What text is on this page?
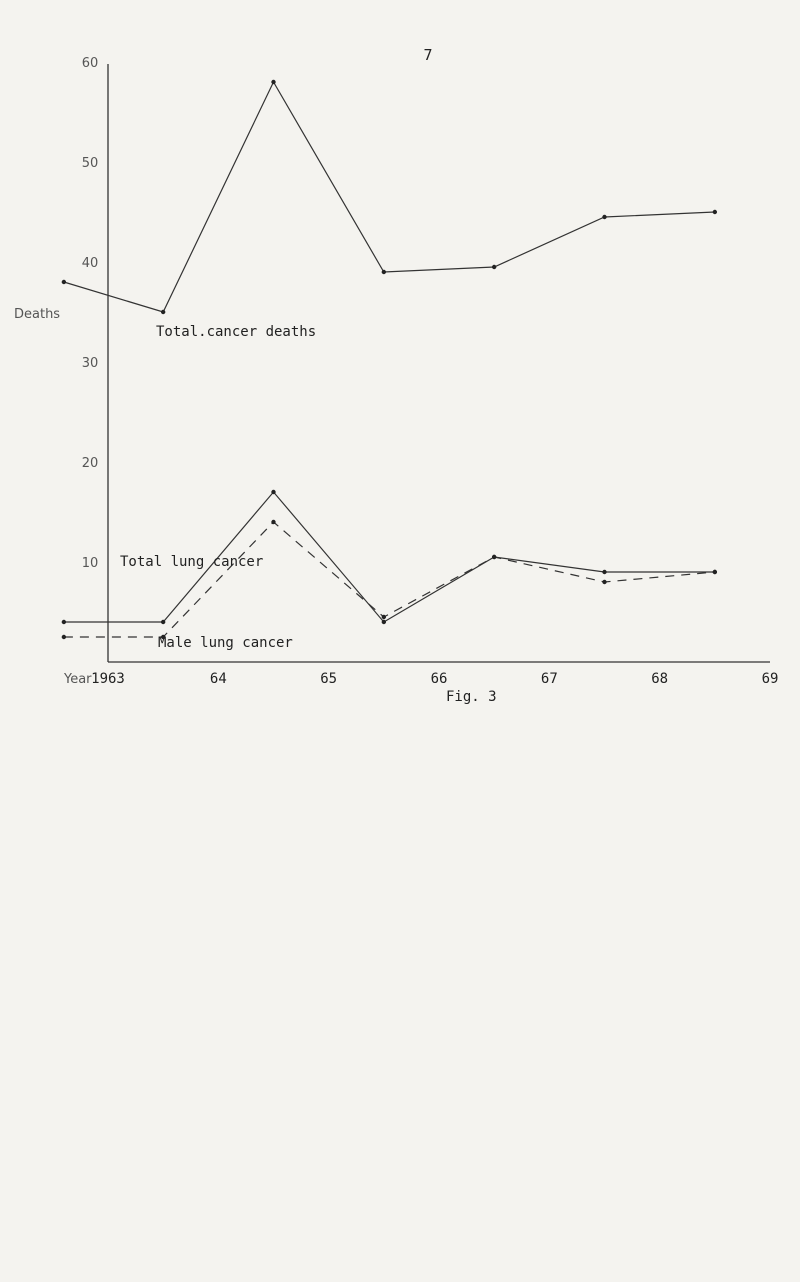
7
Deaths
Year
Fig. 3
10
20
30
40
50
60
1963	64	65	66	67	68	69
Total.cancer deaths
Total lung cancer
Male lung cancer
